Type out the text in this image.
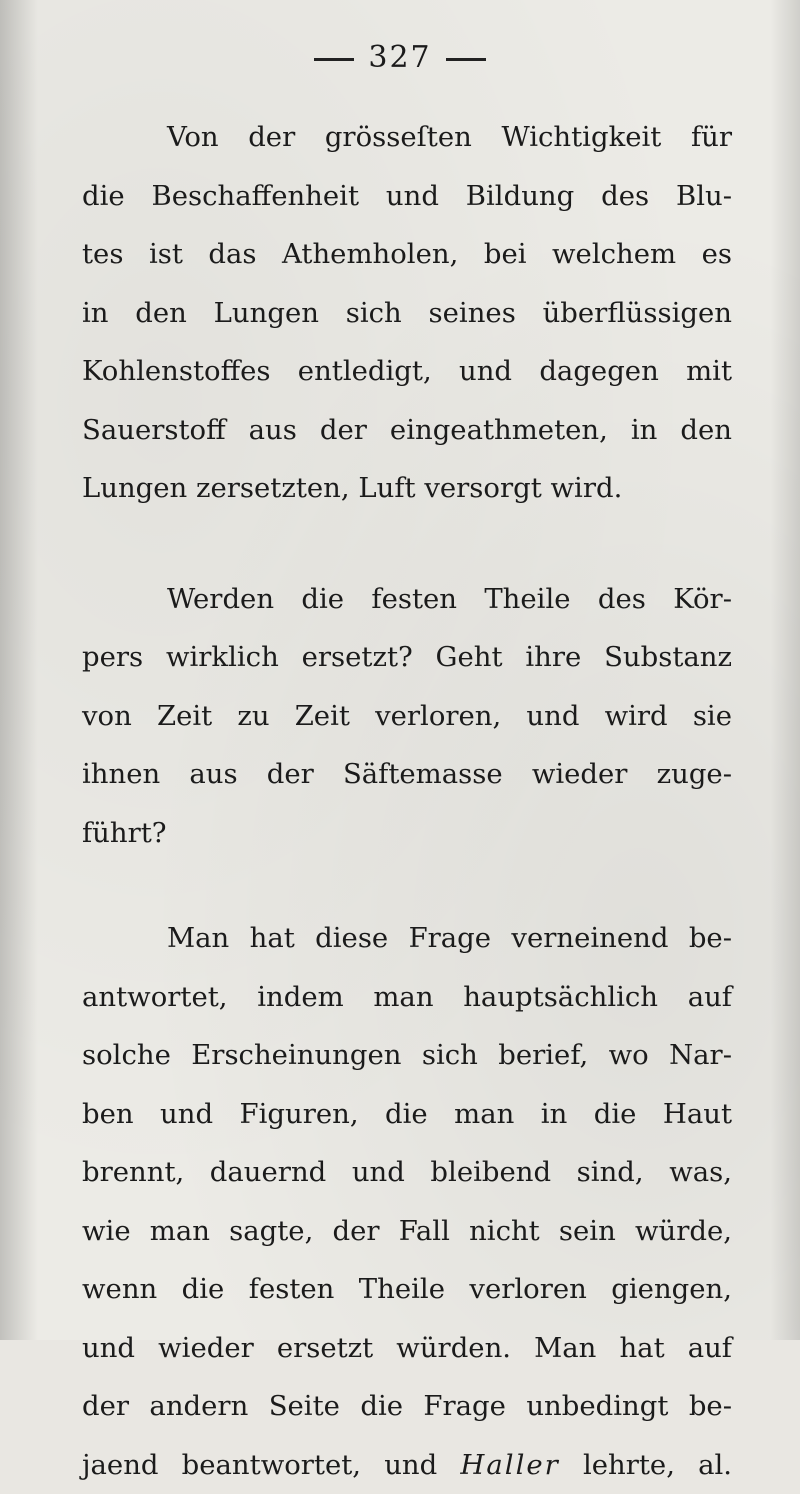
327
Von der grösseſten Wichtigkeit für
die Beschaffenheit und Bildung des Blu-
tes ist das Athemholen, bei welchem es
in den Lungen sich seines überflüssigen
Kohlenstoffes entledigt, und dagegen mit
Sauerstoff aus der eingeathmeten, in den
Lungen zersetzten, Luft versorgt wird.
Werden die festen Theile des Kör-
pers wirklich ersetzt? Geht ihre Substanz
von Zeit zu Zeit verloren, und wird sie
ihnen aus der Säftemasse wieder zuge-
führt?
Man hat diese Frage verneinend be-
antwortet, indem man hauptsächlich auf
solche Erscheinungen sich berief, wo Nar-
ben und Figuren, die man in die Haut
brennt, dauernd und bleibend sind, was,
wie man sagte, der Fall nicht sein würde,
wenn die festen Theile verloren giengen,
und wieder ersetzt würden. Man hat auf
der andern Seite die Frage unbedingt be-
jaend beantwortet, und Haller lehrte, al.
